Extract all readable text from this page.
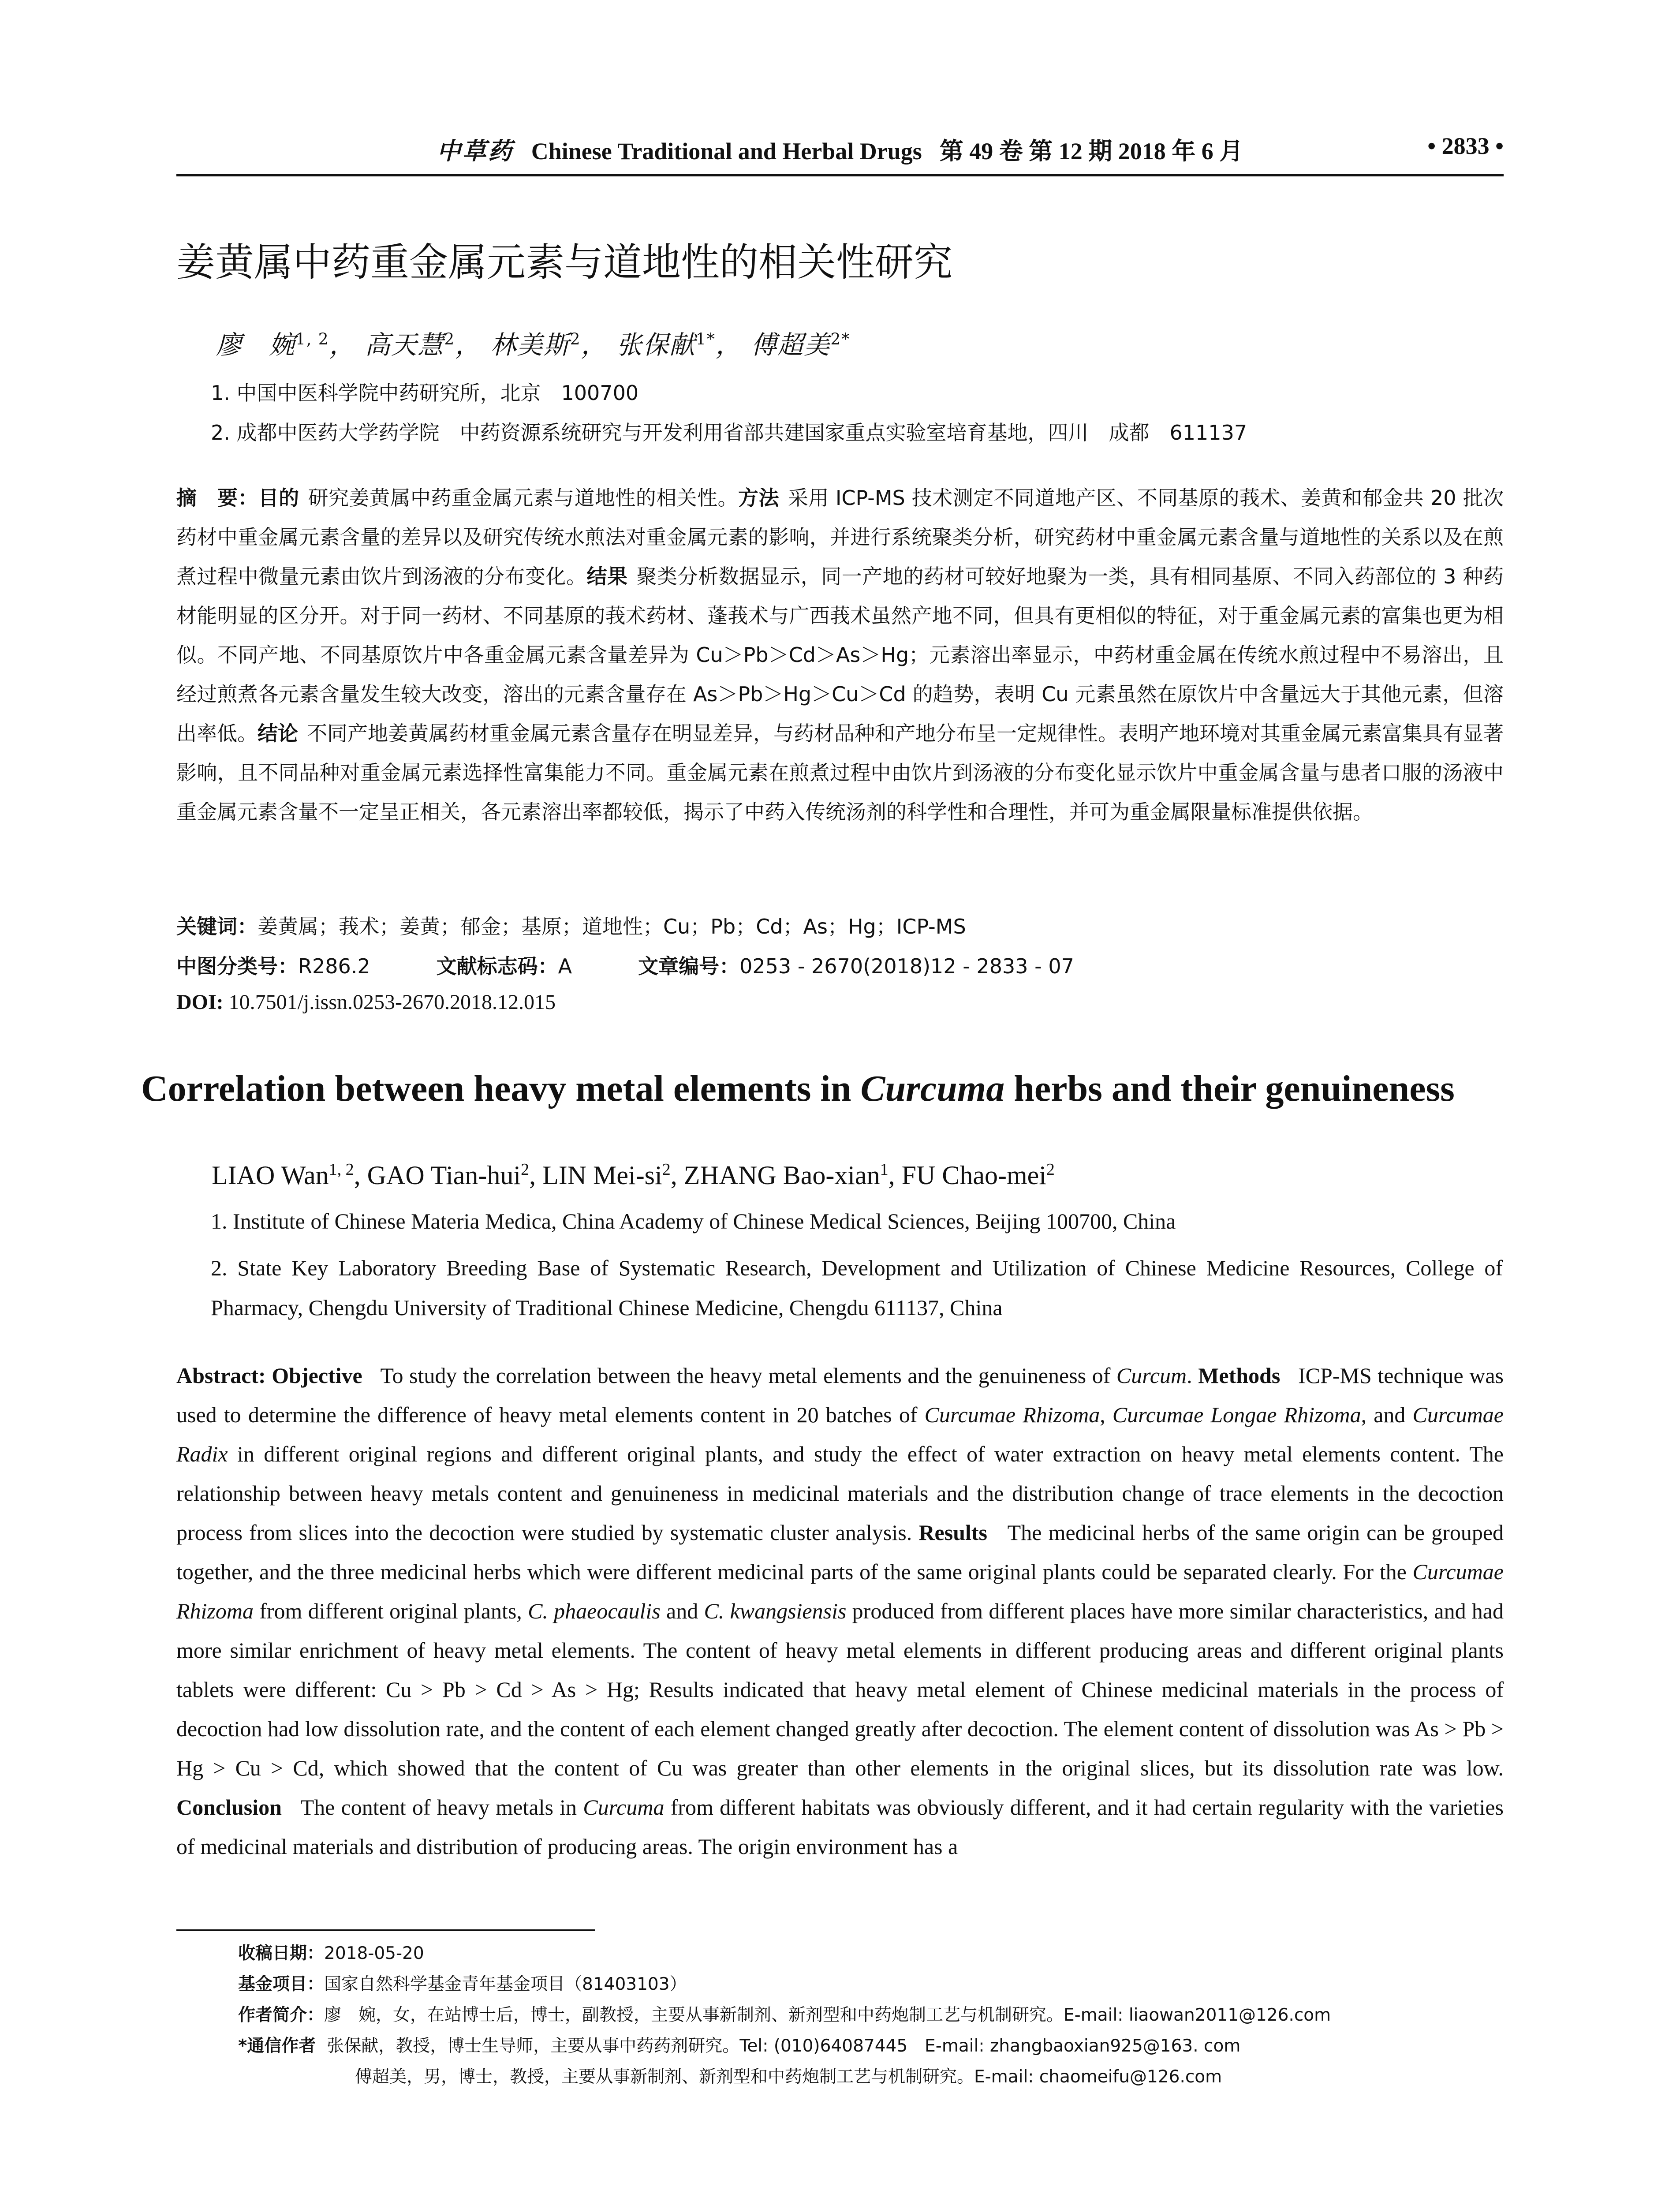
中草药 Chinese Traditional and Herbal Drugs 第 49 卷 第 12 期 2018 年 6 月	• 2833 •
姜黄属中药重金属元素与道地性的相关性研究
廖　婉$^{1, 2}$， 高天慧$^2$， 林美斯$^2$， 张保献$^{1*}$， 傅超美$^{2*}$
1. 中国中医科学院中药研究所，北京　100700
2. 成都中医药大学药学院　中药资源系统研究与开发利用省部共建国家重点实验室培育基地，四川　成都　611137
摘　要：目的 研究姜黄属中药重金属元素与道地性的相关性。方法 采用 ICP-MS 技术测定不同道地产区、不同基原的莪术、姜黄和郁金共 20 批次药材中重金属元素含量的差异以及研究传统水煎法对重金属元素的影响，并进行系统聚类分析，研究药材中重金属元素含量与道地性的关系以及在煎煮过程中微量元素由饮片到汤液的分布变化。结果 聚类分析数据显示，同一产地的药材可较好地聚为一类，具有相同基原、不同入药部位的 3 种药材能明显的区分开。对于同一药材、不同基原的莪术药材、蓬莪术与广西莪术虽然产地不同，但具有更相似的特征，对于重金属元素的富集也更为相似。不同产地、不同基原饮片中各重金属元素含量差异为 Cu＞Pb＞Cd＞As＞Hg；元素溶出率显示，中药材重金属在传统水煎过程中不易溶出，且经过煎煮各元素含量发生较大改变，溶出的元素含量存在 As＞Pb＞Hg＞Cu＞Cd 的趋势，表明 Cu 元素虽然在原饮片中含量远大于其他元素，但溶出率低。结论 不同产地姜黄属药材重金属元素含量存在明显差异，与药材品种和产地分布呈一定规律性。表明产地环境对其重金属元素富集具有显著影响，且不同品种对重金属元素选择性富集能力不同。重金属元素在煎煮过程中由饮片到汤液的分布变化显示饮片中重金属含量与患者口服的汤液中重金属元素含量不一定呈正相关，各元素溶出率都较低，揭示了中药入传统汤剂的科学性和合理性，并可为重金属限量标准提供依据。
关键词：姜黄属；莪术；姜黄；郁金；基原；道地性；Cu；Pb；Cd；As；Hg；ICP-MS
中图分类号：R286.2	文献标志码：A	文章编号：0253 - 2670(2018)12 - 2833 - 07
DOI: 10.7501/j.issn.0253-2670.2018.12.015
Correlation between heavy metal elements in Curcuma herbs and their genuineness
LIAO Wan$^{1, 2}$, GAO Tian-hui$^2$, LIN Mei-$si^2$, ZHANG Bao-xian$^1$, FU Chao-mei$^2$
1. Institute of Chinese Materia Medica, China Academy of Chinese Medical Sciences, Beijing 100700, China
2. State Key Laboratory Breeding Base of Systematic Research, Development and Utilization of Chinese Medicine Resources, College of Pharmacy, Chengdu University of Traditional Chinese Medicine, Chengdu 611137, China
Abstract: Objective To study the correlation between the heavy metal elements and the genuineness of Curcum. Methods ICP-MS technique was used to determine the difference of heavy metal elements content in 20 batches of Curcumae Rhizoma, Curcumae Longae Rhizoma, and Curcumae Radix in different original regions and different original plants, and study the effect of water extraction on heavy metal elements content. The relationship between heavy metals content and genuineness in medicinal materials and the distribution change of trace elements in the decoction process from slices into the decoction were studied by systematic cluster analysis. Results The medicinal herbs of the same origin can be grouped together, and the three medicinal herbs which were different medicinal parts of the same original plants could be separated clearly. For the Curcumae Rhizoma from different original plants, C. phaeocaulis and C. kwangsiensis produced from different places have more similar characteristics, and had more similar enrichment of heavy metal elements. The content of heavy metal elements in different producing areas and different original plants tablets were different: Cu > Pb > Cd > As > Hg; Results indicated that heavy metal element of Chinese medicinal materials in the process of decoction had low dissolution rate, and the content of each element changed greatly after decoction. The element content of dissolution was As > Pb > Hg > Cu > Cd, which showed that the content of Cu was greater than other elements in the original slices, but its dissolution rate was low. Conclusion The content of heavy metals in Curcuma from different habitats was obviously different, and it had certain regularity with the varieties of medicinal materials and distribution of producing areas. The origin environment has a
收稿日期：2018-05-20
基金项目：国家自然科学基金青年基金项目（81403103）
作者简介：廖　婉，女，在站博士后，博士，副教授，主要从事新制剂、新剂型和中药炮制工艺与机制研究。E-mail: liaowan2011@126.com
*通信作者 张保献，教授，博士生导师，主要从事中药药剂研究。Tel: (010)64087445　E-mail: zhangbaoxian925@163. com
傅超美，男，博士，教授，主要从事新制剂、新剂型和中药炮制工艺与机制研究。E-mail: chaomeifu@126.com
